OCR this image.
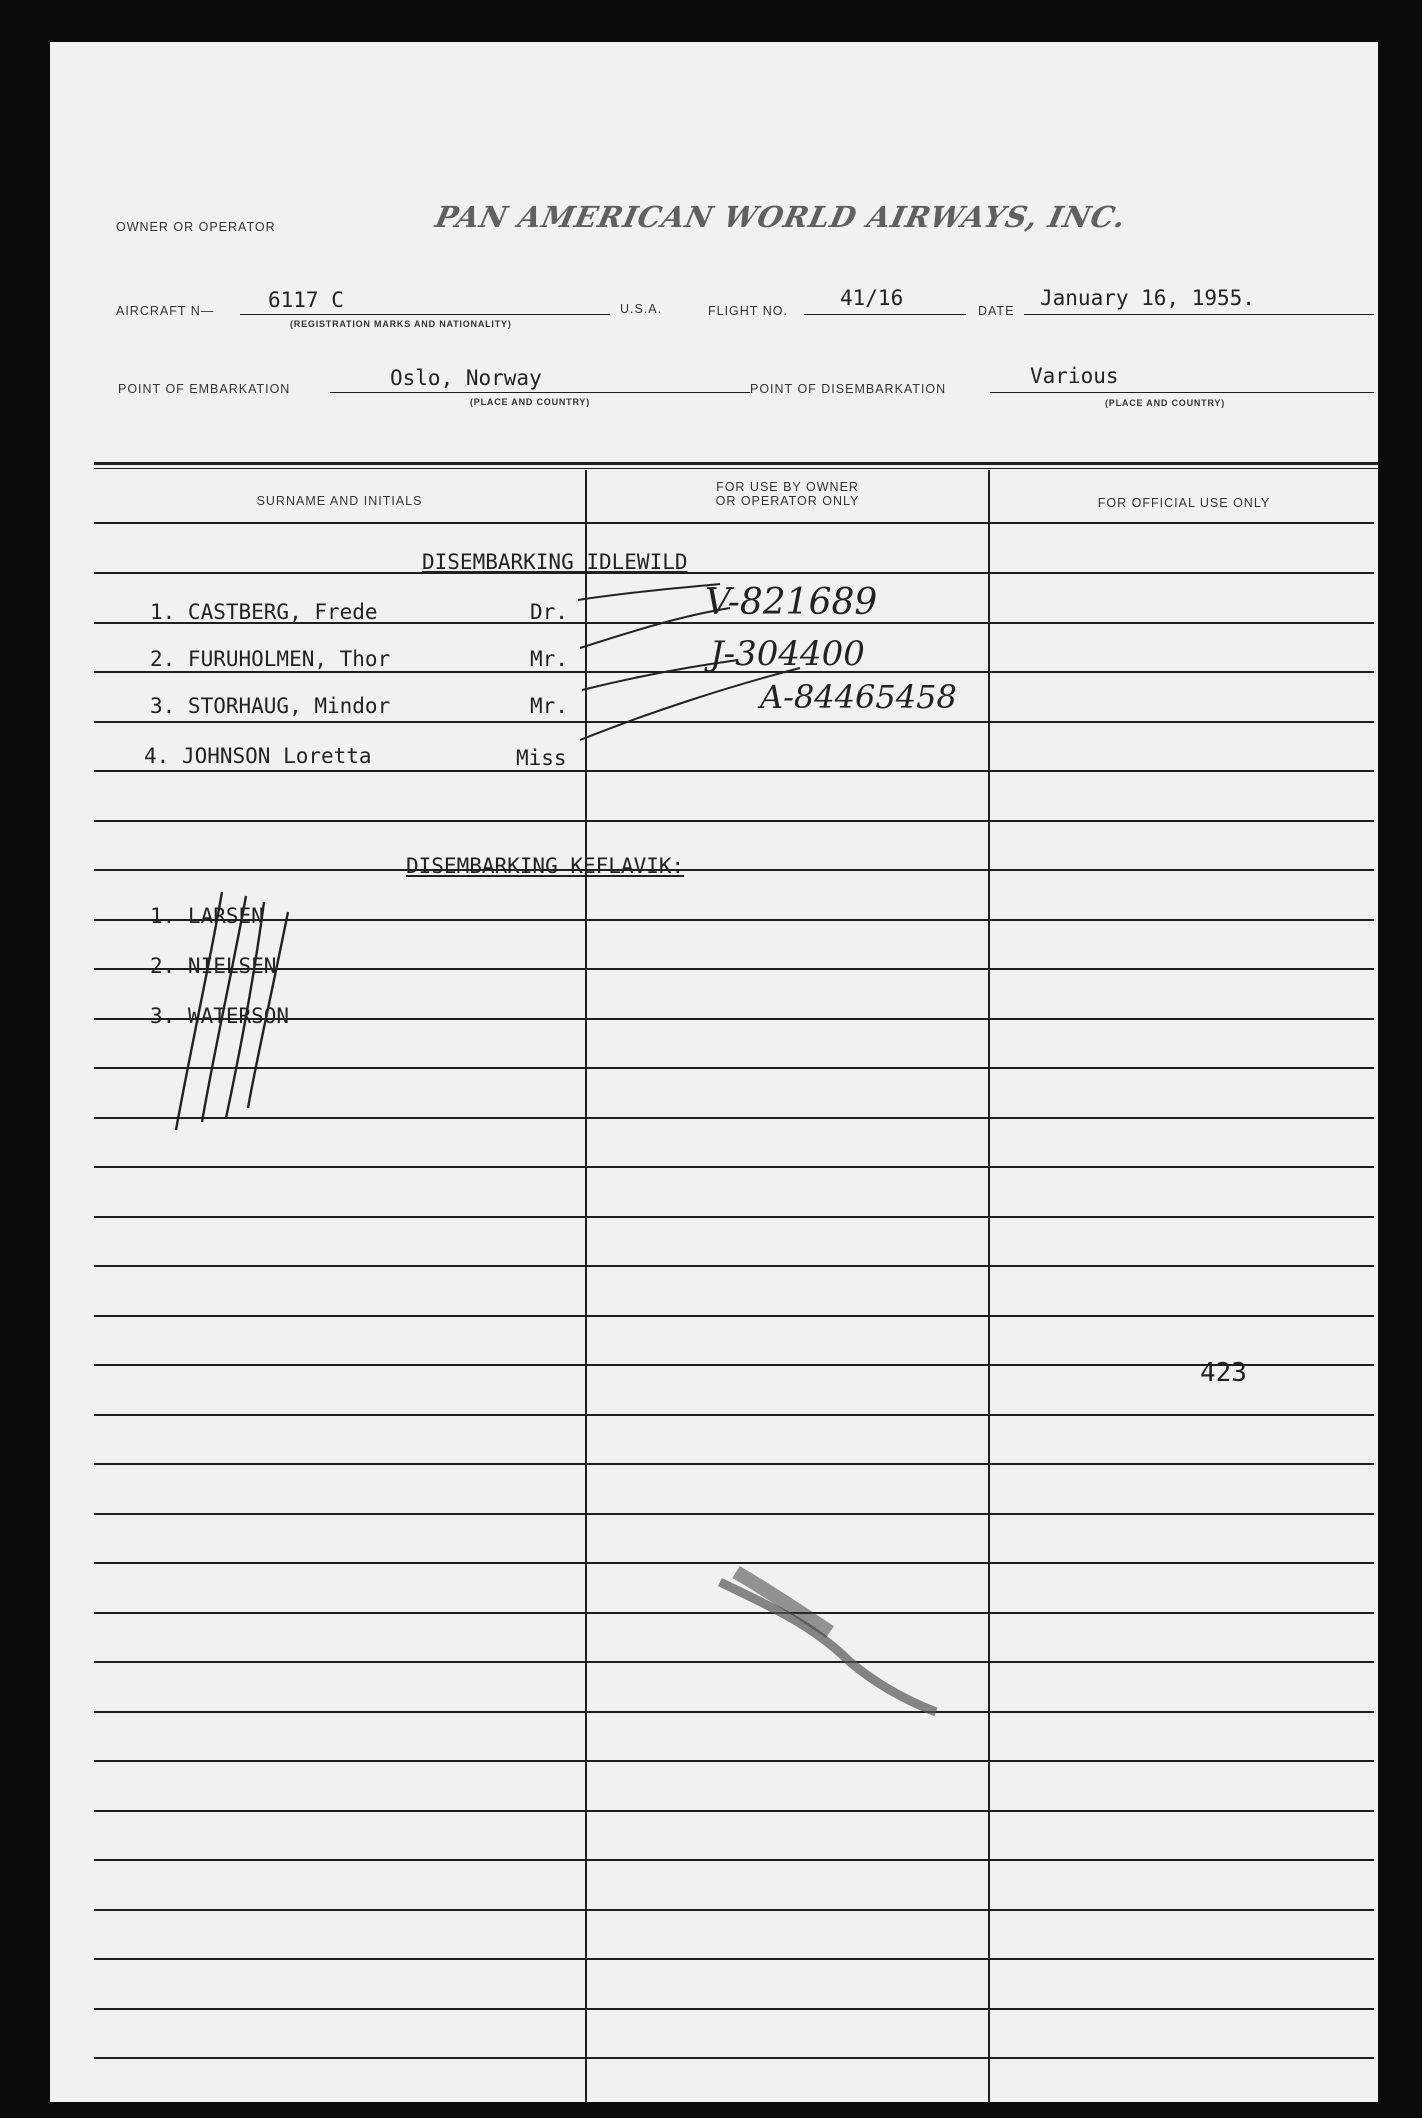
OWNER OR OPERATOR	PAN AMERICAN WORLD AIRWAYS, INC.
AIRCRAFT N—	6117 C
(REGISTRATION MARKS AND NATIONALITY)
U.S.A.	FLIGHT NO.
41/16
DATE
January 16, 1955.
POINT OF EMBARKATION	Oslo, Norway
(PLACE AND COUNTRY)
POINT OF DISEMBARKATION
Various
(PLACE AND COUNTRY)
SURNAME AND INITIALS
FOR USE BY OWNER
OR OPERATOR ONLY	FOR OFFICIAL USE ONLY
DISEMBARKING IDLEWILD
1. CASTBERG, Frede	Dr.	V-821689
2. FURUHOLMEN, Thor	Mr.	J-304400
3. STORHAUG, Mindor	Mr.	A-84465458
4. JOHNSON Loretta	Miss
DISEMBARKING KEFLAVIK:
1. LARSEN
2. NIELSEN
3. WATERSON
423
